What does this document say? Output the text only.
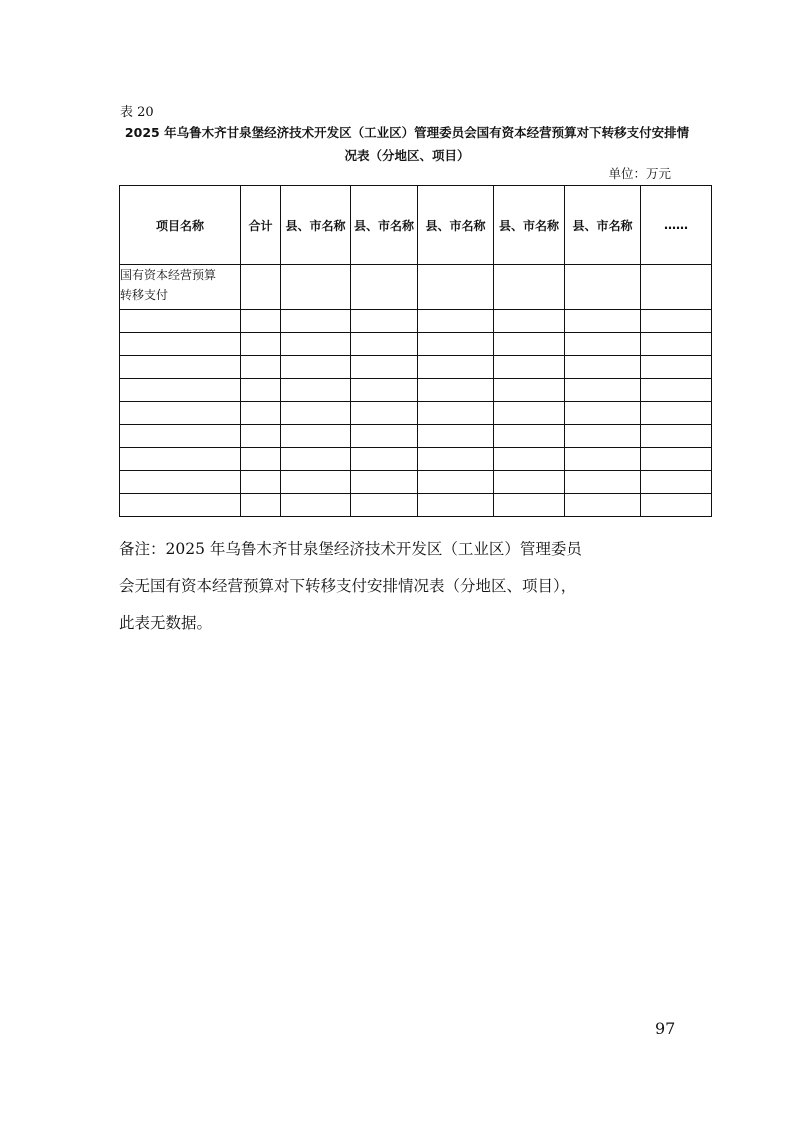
表 20
2025 年乌鲁木齐甘泉堡经济技术开发区（工业区）管理委员会国有资本经营预算对下转移支付安排情
况表（分地区、项目）
单位：万元
项目名称	合计	县、市名称	县、市名称	县、市名称	县、市名称	县、市名称	……

国有资本经营预算
转移支付							

备注：2025 年乌鲁木齐甘泉堡经济技术开发区（工业区）管理委员

会无国有资本经营预算对下转移支付安排情况表（分地区、项目），

此表无数据。

97
